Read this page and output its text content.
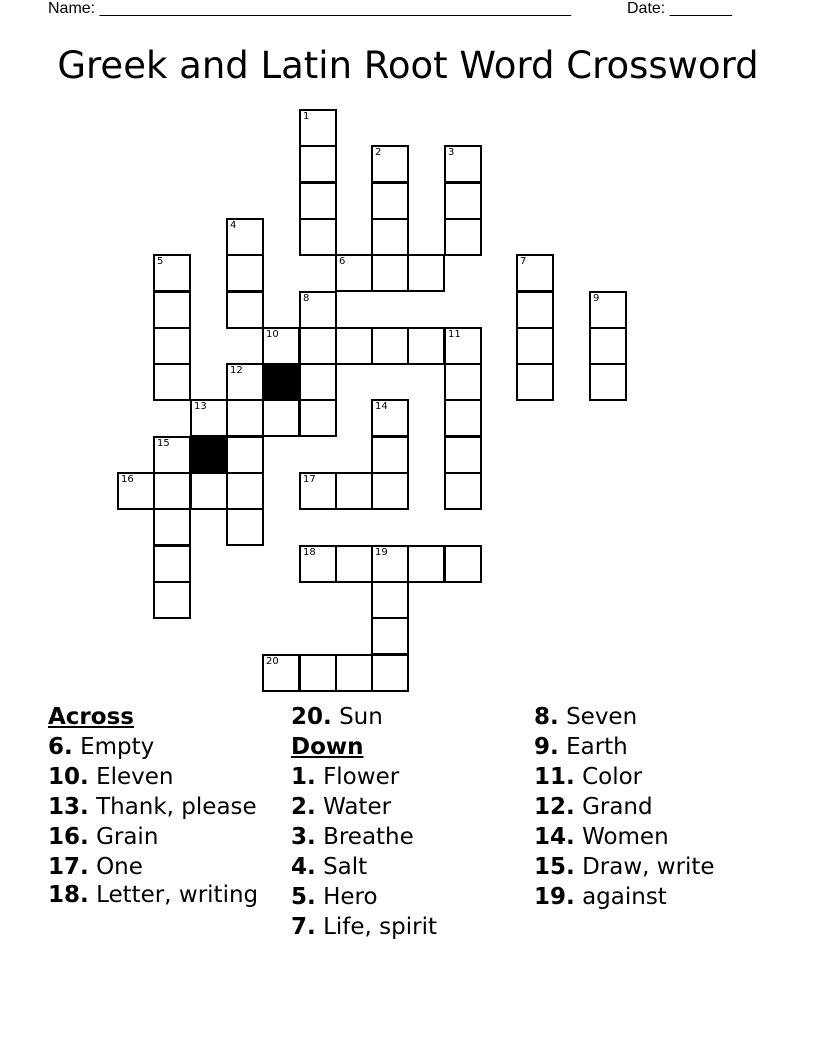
Name: _____________________________________________________	Date: _______
Greek and Latin Root Word Crossword
1
2	3
4
5	6	7
8	9
10	11
12
13	14
15
16	17
18	19
20
Across
6. Empty
10. Eleven
13. Thank, please
16. Grain
17. One
18. Letter, writing
20. Sun
Down
1. Flower
2. Water
3. Breathe
4. Salt
5. Hero
7. Life, spirit
8. Seven
9. Earth
11. Color
12. Grand
14. Women
15. Draw, write
19. against
